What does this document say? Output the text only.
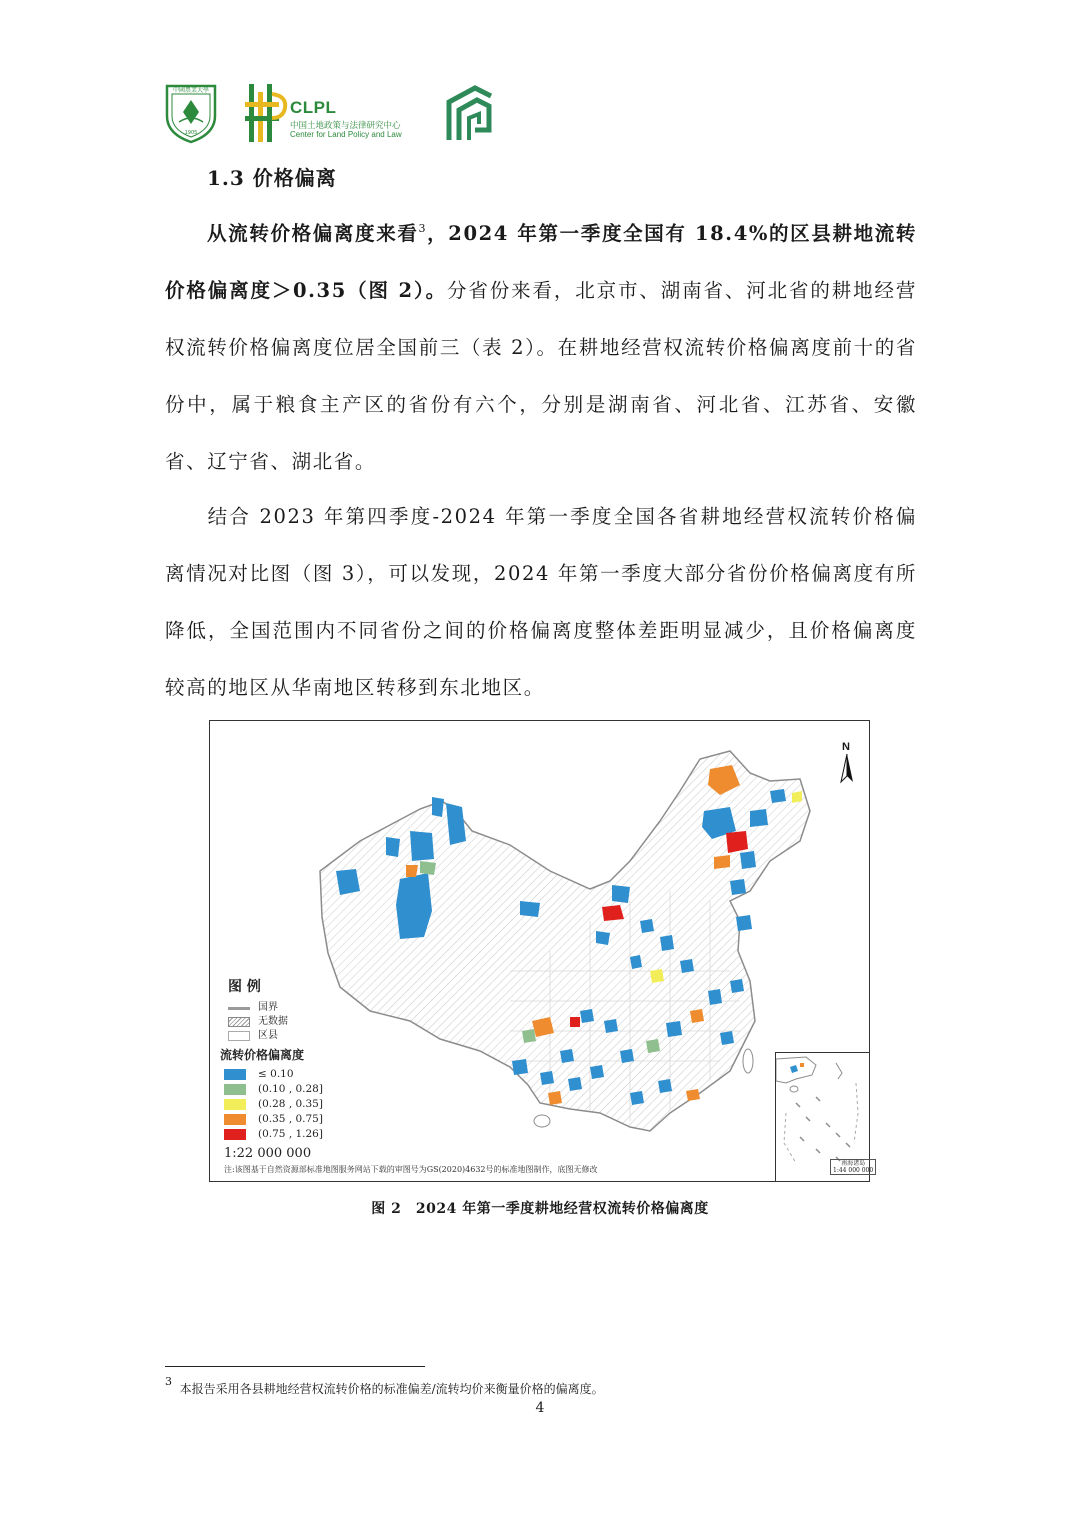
中國農業大學
1905
CLPL
中国土地政策与法律研究中心
Center for Land Policy and Law
1.3 价格偏离
从流转价格偏离度来看$^3$，2024 年第一季度全国有 18.4%的区县耕地流转价格偏离度＞0.35（图 2）。分省份来看，北京市、湖南省、河北省的耕地经营权流转价格偏离度位居全国前三（表 2）。在耕地经营权流转价格偏离度前十的省份中，属于粮食主产区的省份有六个，分别是湖南省、河北省、江苏省、安徽省、辽宁省、湖北省。
结合 2023 年第四季度-2024 年第一季度全国各省耕地经营权流转价格偏离情况对比图（图 3），可以发现，2024 年第一季度大部分省份价格偏离度有所降低，全国范围内不同省份之间的价格偏离度整体差距明显减少，且价格偏离度较高的地区从华南地区转移到东北地区。
N
图 例
国界
无数据
区县
流转价格偏离度
≤ 0.10
(0.10 , 0.28]
(0.28 , 0.35]
(0.35 , 0.75]
(0.75 , 1.26]
1:22 000 000
注:该图基于自然资源部标准地图服务网站下载的审图号为GS(2020)4632号的标准地图制作，底图无修改
南海诸岛
1:44 000 000
图 2　2024 年第一季度耕地经营权流转价格偏离度
$^3$  本报告采用各县耕地经营权流转价格的标准偏差/流转均价来衡量价格的偏离度。
4
